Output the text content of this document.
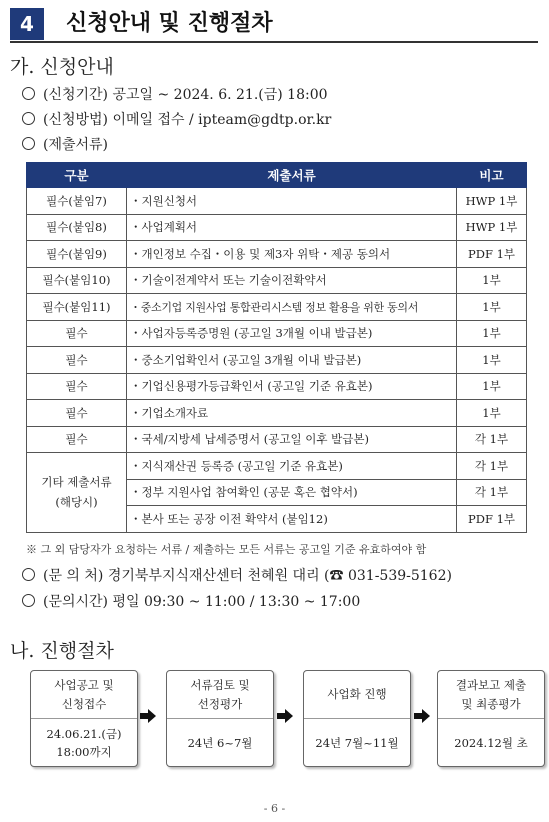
4	신청안내 및 진행절차
가. 신청안내
(신청기간) 공고일 ~ 2024. 6. 21.(금) 18:00
(신청방법) 이메일 접수 / ipteam@gdtp.or.kr
(제출서류)
구분	제출서류	비고
필수(붙임7)	・지원신청서	HWP 1부
필수(붙임8)	・사업계획서	HWP 1부
필수(붙임9)	・개인정보 수집・이용 및 제3자 위탁・제공 동의서	PDF 1부
필수(붙임10)	・기술이전계약서 또는 기술이전확약서	1부
필수(붙임11)	・중소기업 지원사업 통합관리시스템 정보 활용을 위한 동의서	1부
필수	・사업자등록증명원 (공고일 3개월 이내 발급본)	1부
필수	・중소기업확인서 (공고일 3개월 이내 발급본)	1부
필수	・기업신용평가등급확인서 (공고일 기준 유효본)	1부
필수	・기업소개자료	1부
필수	・국세/지방세 납세증명서 (공고일 이후 발급본)	각 1부
기타 제출서류
(해당시)	・지식재산권 등록증 (공고일 기준 유효본)	각 1부
	・정부 지원사업 참여확인 (공문 혹은 협약서)	각 1부
	・본사 또는 공장 이전 확약서 (붙임12)	PDF 1부
※ 그 외 담당자가 요청하는 서류 / 제출하는 모든 서류는 공고일 기준 유효하여야 함
(문 의 처) 경기북부지식재산센터 천혜원 대리 (☎ 031-539-5162)
(문의시간) 평일 09:30 ~ 11:00 / 13:30 ~ 17:00
나. 진행절차
사업공고 및
신청접수
24.06.21.(금)
18:00까지
서류검토 및
선정평가
24년 6~7월
사업화 진행
24년 7월~11월
결과보고 제출
및 최종평가
2024.12월 초
- 6 -
